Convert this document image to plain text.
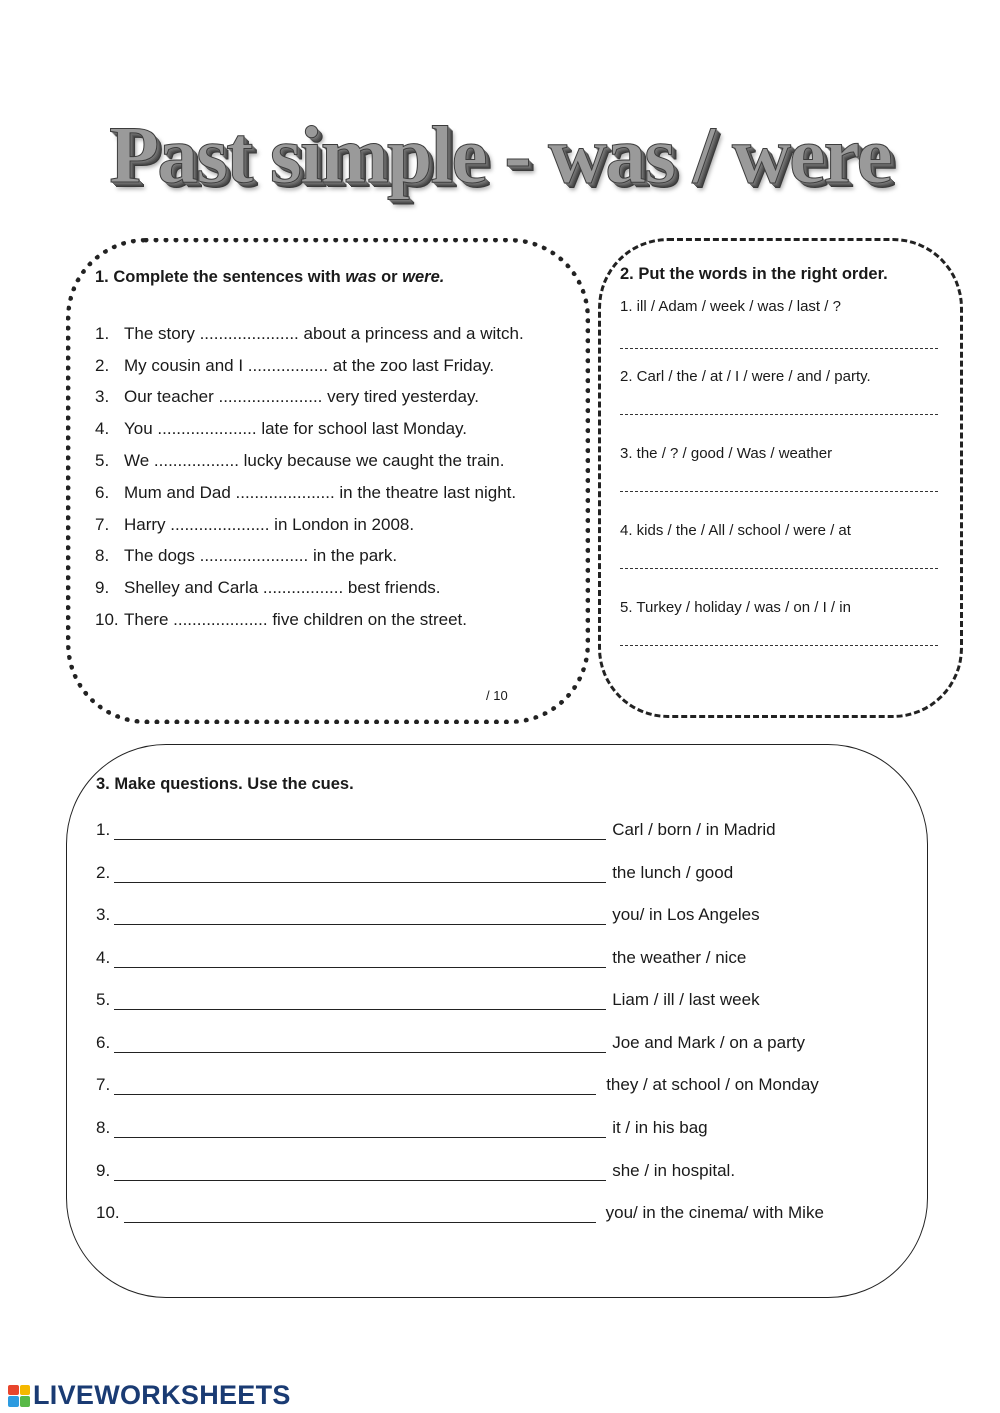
Past simple - was / were
1. Complete the sentences with was or were.
1. The story ..................... about a princess and a witch.
2. My cousin and I ................. at the zoo last Friday.
3. Our teacher ...................... very tired yesterday.
4. You ..................... late for school last Monday.
5. We .................. lucky because we caught the train.
6. Mum and Dad ..................... in the theatre last night.
7. Harry ..................... in London in 2008.
8. The dogs ....................... in the park.
9. Shelley and Carla ................. best friends.
10. There .................... five children on the street.
/ 10
2. Put the words in the right order.
1. ill / Adam / week / was / last / ?
2. Carl / the / at / I / were / and / party.
3. the / ? / good / Was / weather
4. kids / the / All / school / were / at
5. Turkey / holiday / was / on / I / in
3. Make questions. Use the cues.
1.	Carl / born / in Madrid
2.	the lunch / good
3.	you/ in Los Angeles
4.	the weather / nice
5.	Liam / ill / last week
6.	Joe and Mark / on a party
7.	they / at school / on Monday
8.	it / in his bag
9.	she / in hospital.
10.	you/ in the cinema/ with Mike
LIVEWORKSHEETS
